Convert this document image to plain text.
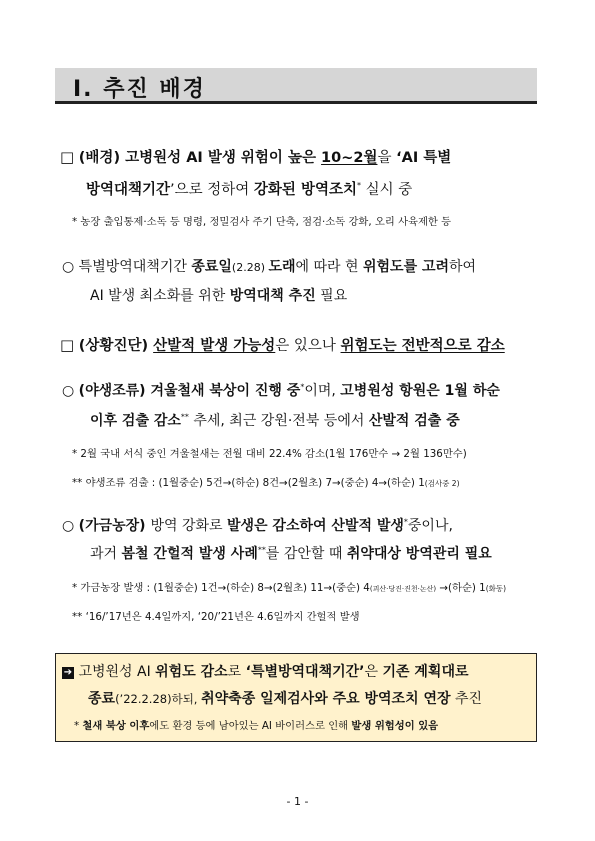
Ⅰ. 추진 배경
□ (배경) 고병원성 AI 발생 위험이 높은 10~2월을 ‘AI 특별
방역대책기간’으로 정하여 강화된 방역조치* 실시 중
* 농장 출입통제·소독 등 명령, 정밀검사 주기 단축, 점검·소독 강화, 오리 사육제한 등
○ 특별방역대책기간 종료일(2.28) 도래에 따라 현 위험도를 고려하여
AI 발생 최소화를 위한 방역대책 추진 필요
□ (상황진단) 산발적 발생 가능성은 있으나 위험도는 전반적으로 감소
○ (야생조류) 겨울철새 북상이 진행 중*이며, 고병원성 항원은 1월 하순
이후 검출 감소** 추세, 최근 강원·전북 등에서 산발적 검출 중
* 2월 국내 서식 중인 겨울철새는 전월 대비 22.4% 감소(1월 176만수 → 2월 136만수)
** 야생조류 검출 : (1월중순) 5건→(하순) 8건→(2월초) 7→(중순) 4→(하순) 1(검사중 2)
○ (가금농장) 방역 강화로 발생은 감소하여 산발적 발생*중이나,
과거 봄철 간헐적 발생 사례**를 감안할 때 취약대상 방역관리 필요
* 가금농장 발생 : (1월중순) 1건→(하순) 8→(2월초) 11→(중순) 4(괴산·당진·진천·논산) →(하순) 1(화동)
** ‘16/’17년은 4.4일까지, ‘20/’21년은 4.6일까지 간헐적 발생
➔ 고병원성 AI 위험도 감소로 ‘특별방역대책기간’은 기존 계획대로
종료(’22.2.28)하되, 취약축종 일제검사와 주요 방역조치 연장 추진
* 철새 북상 이후에도 환경 등에 남아있는 AI 바이러스로 인해 발생 위험성이 있음
- 1 -
